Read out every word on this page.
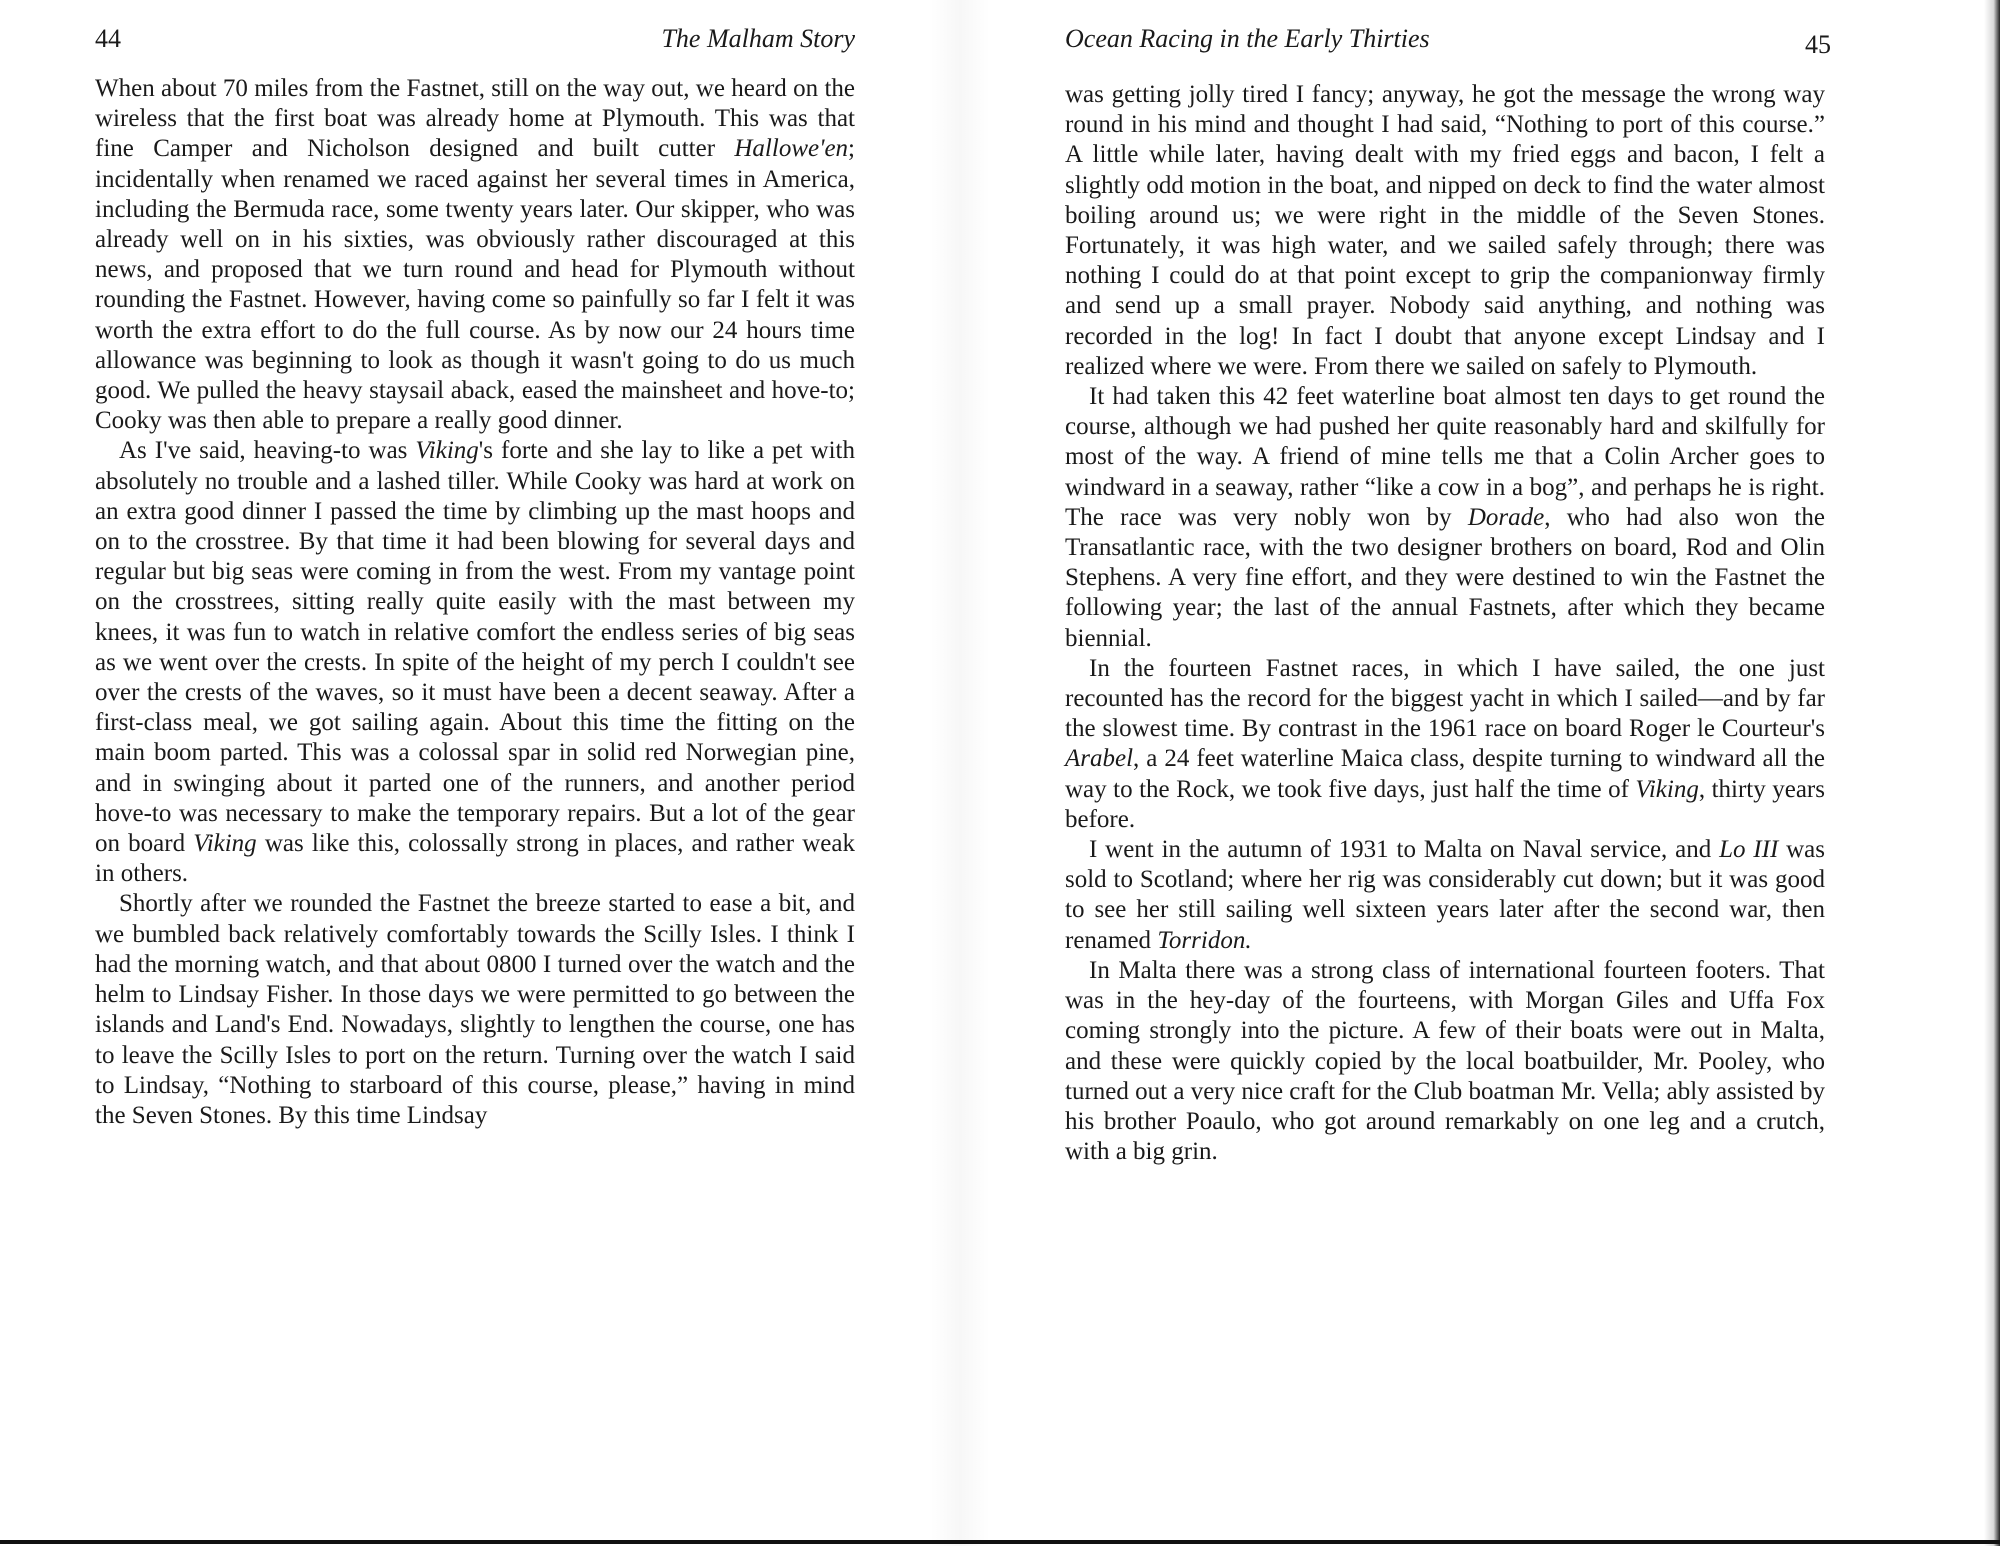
44	The Malham Story

When about 70 miles from the Fastnet, still on the way out, we heard on the wireless that the first boat was already home at Plymouth. This was that fine Camper and Nicholson designed and built cutter Hallowe'en; incidentally when renamed we raced against her several times in America, including the Bermuda race, some twenty years later. Our skipper, who was already well on in his sixties, was obviously rather discouraged at this news, and proposed that we turn round and head for Plymouth without rounding the Fastnet. However, having come so painfully so far I felt it was worth the extra effort to do the full course. As by now our 24 hours time allowance was beginning to look as though it wasn't going to do us much good. We pulled the heavy staysail aback, eased the mainsheet and hove-to; Cooky was then able to prepare a really good dinner.

As I've said, heaving-to was Viking's forte and she lay to like a pet with absolutely no trouble and a lashed tiller. While Cooky was hard at work on an extra good dinner I passed the time by climbing up the mast hoops and on to the crosstree. By that time it had been blowing for several days and regular but big seas were coming in from the west. From my vantage point on the crosstrees, sitting really quite easily with the mast between my knees, it was fun to watch in relative comfort the endless series of big seas as we went over the crests. In spite of the height of my perch I couldn't see over the crests of the waves, so it must have been a decent seaway. After a first-class meal, we got sailing again. About this time the fitting on the main boom parted. This was a colossal spar in solid red Norwegian pine, and in swinging about it parted one of the runners, and another period hove-to was necessary to make the temporary repairs. But a lot of the gear on board Viking was like this, colossally strong in places, and rather weak in others.

Shortly after we rounded the Fastnet the breeze started to ease a bit, and we bumbled back relatively comfortably towards the Scilly Isles. I think I had the morning watch, and that about 0800 I turned over the watch and the helm to Lindsay Fisher. In those days we were permitted to go between the islands and Land's End. Nowadays, slightly to lengthen the course, one has to leave the Scilly Isles to port on the return. Turning over the watch I said to Lindsay, “Nothing to starboard of this course, please,” having in mind the Seven Stones. By this time Lindsay

Ocean Racing in the Early Thirties	45

was getting jolly tired I fancy; anyway, he got the message the wrong way round in his mind and thought I had said, “Nothing to port of this course.” A little while later, having dealt with my fried eggs and bacon, I felt a slightly odd motion in the boat, and nipped on deck to find the water almost boiling around us; we were right in the middle of the Seven Stones. Fortunately, it was high water, and we sailed safely through; there was nothing I could do at that point except to grip the companionway firmly and send up a small prayer. Nobody said anything, and nothing was recorded in the log! In fact I doubt that anyone except Lindsay and I realized where we were. From there we sailed on safely to Plymouth.

It had taken this 42 feet waterline boat almost ten days to get round the course, although we had pushed her quite reasonably hard and skilfully for most of the way. A friend of mine tells me that a Colin Archer goes to windward in a seaway, rather “like a cow in a bog”, and perhaps he is right. The race was very nobly won by Dorade, who had also won the Transatlantic race, with the two designer brothers on board, Rod and Olin Stephens. A very fine effort, and they were destined to win the Fastnet the following year; the last of the annual Fastnets, after which they became biennial.

In the fourteen Fastnet races, in which I have sailed, the one just recounted has the record for the biggest yacht in which I sailed—and by far the slowest time. By contrast in the 1961 race on board Roger le Courteur's Arabel, a 24 feet waterline Maica class, despite turning to windward all the way to the Rock, we took five days, just half the time of Viking, thirty years before.

I went in the autumn of 1931 to Malta on Naval service, and Lo III was sold to Scotland; where her rig was considerably cut down; but it was good to see her still sailing well sixteen years later after the second war, then renamed Torridon.

In Malta there was a strong class of international fourteen footers. That was in the hey-day of the fourteens, with Morgan Giles and Uffa Fox coming strongly into the picture. A few of their boats were out in Malta, and these were quickly copied by the local boatbuilder, Mr. Pooley, who turned out a very nice craft for the Club boatman Mr. Vella; ably assisted by his brother Poaulo, who got around remarkably on one leg and a crutch, with a big grin.
